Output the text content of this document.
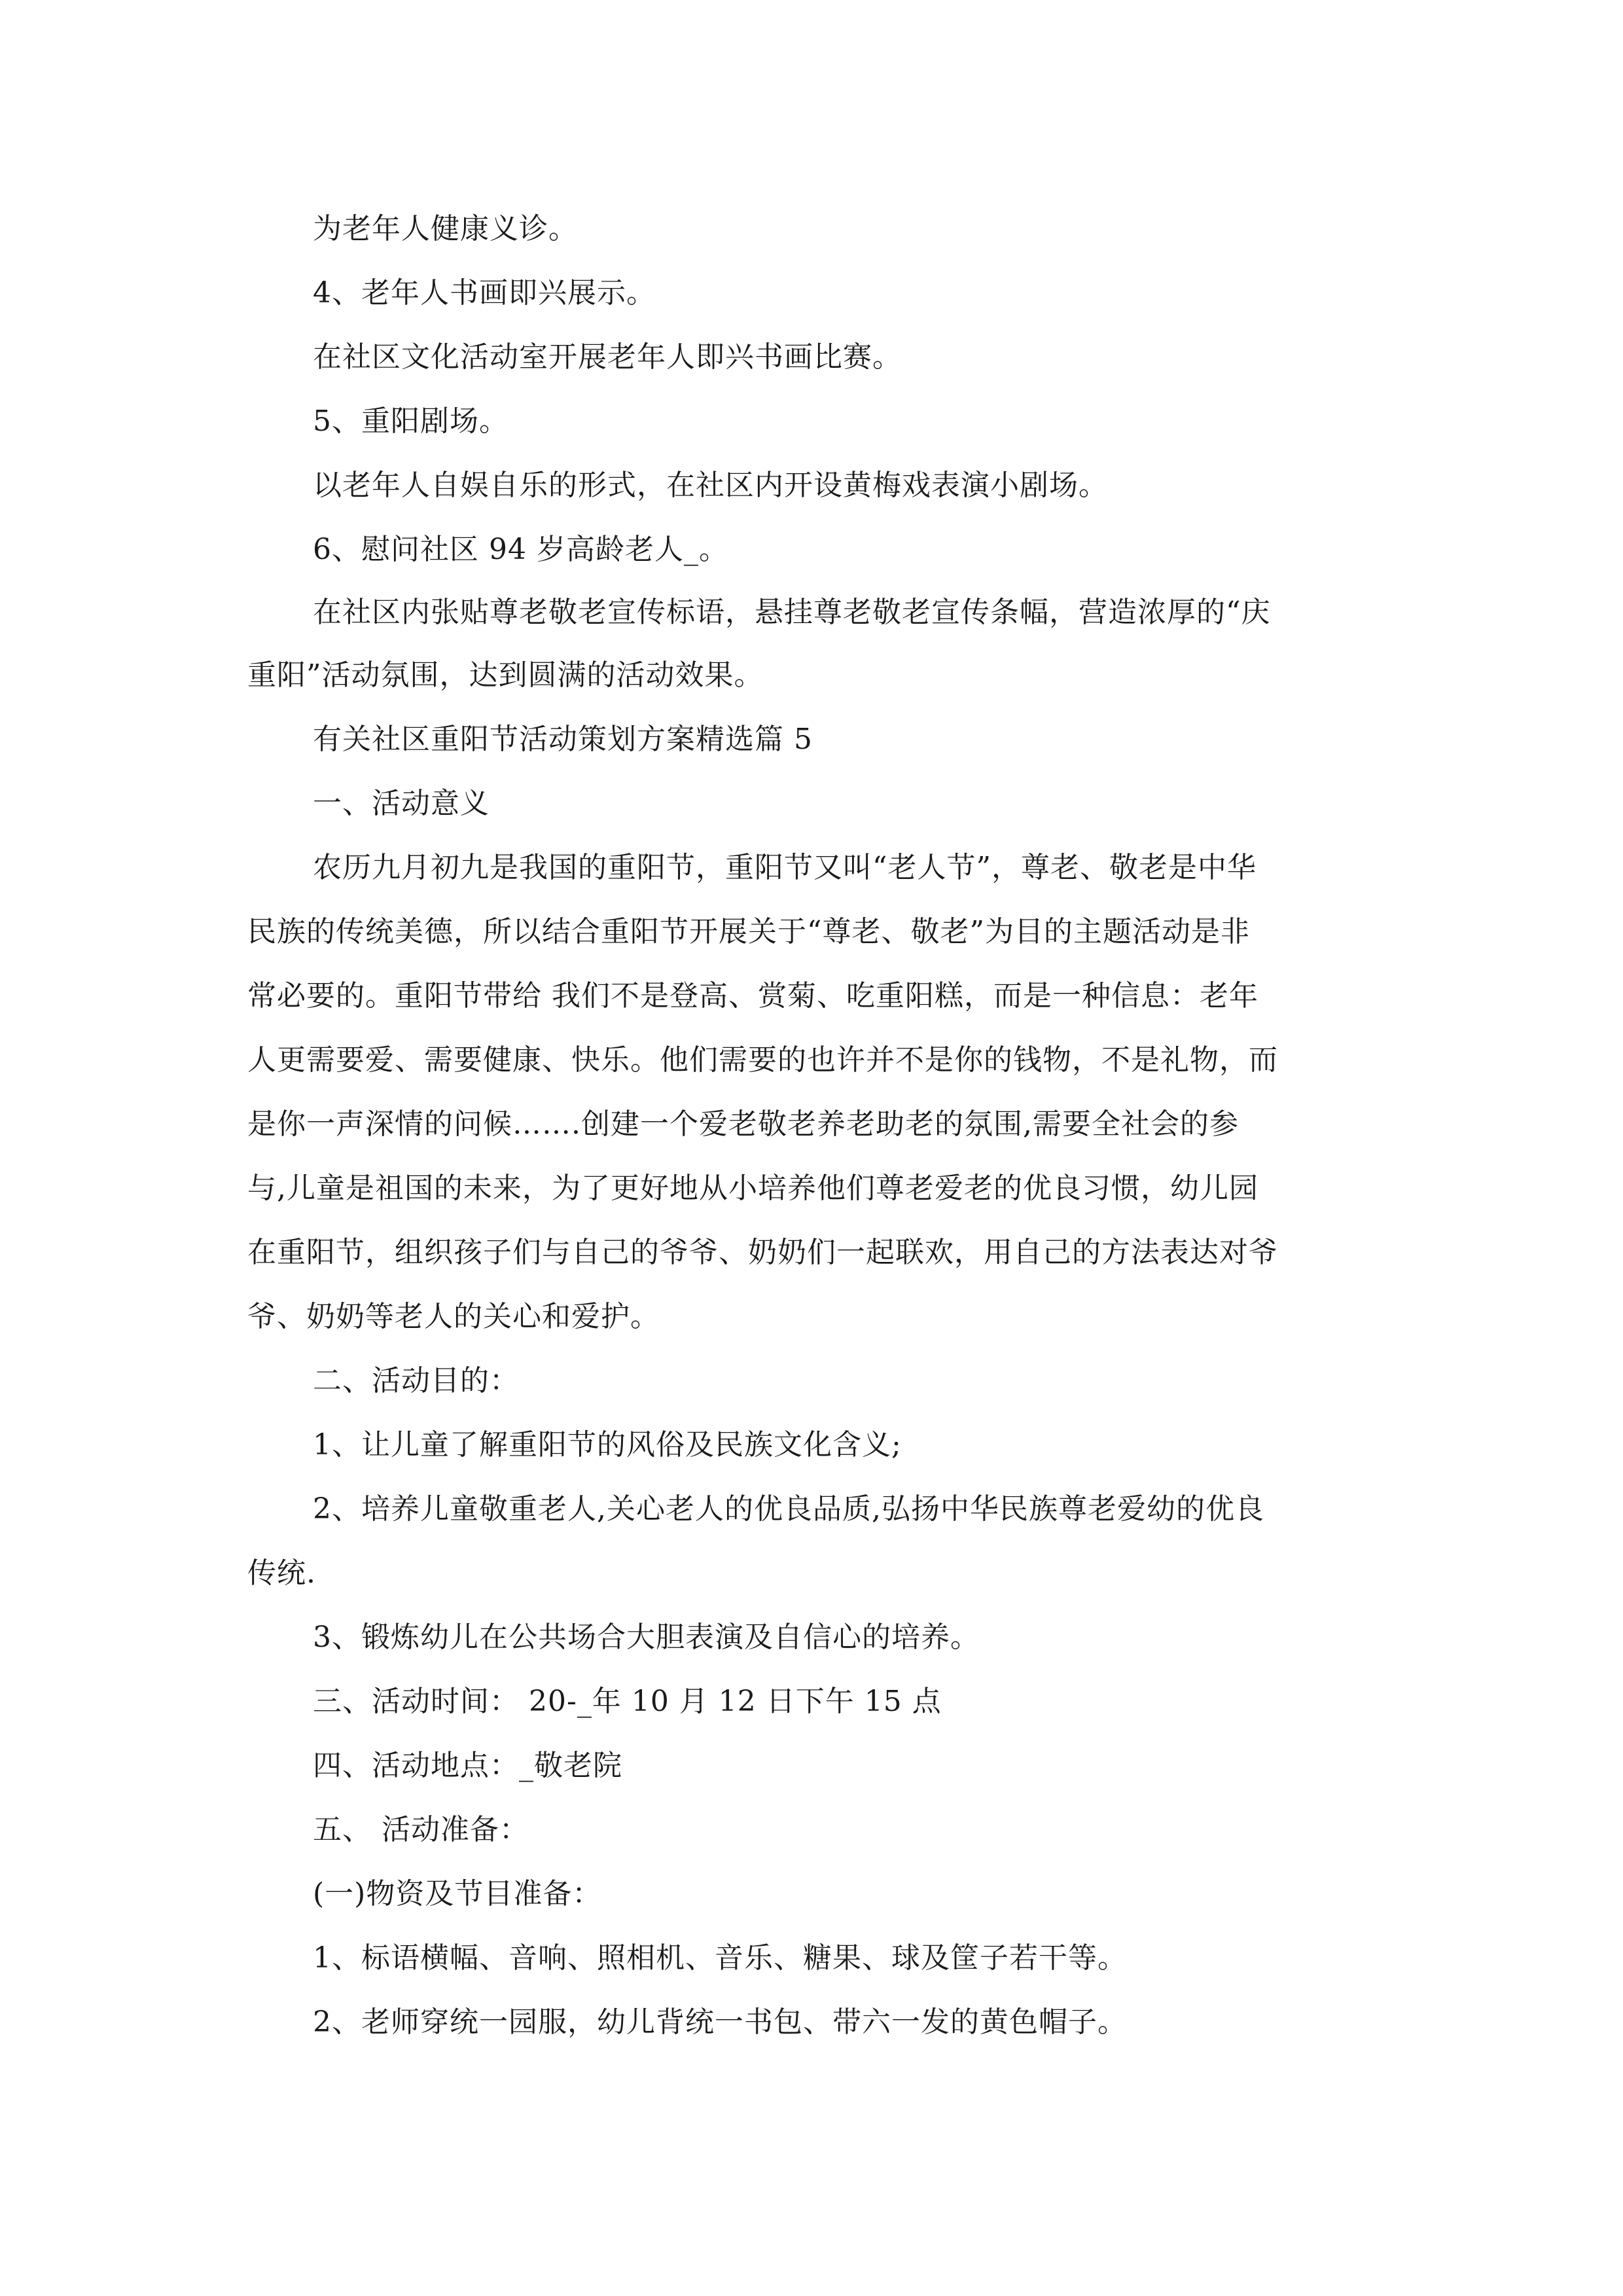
为老年人健康义诊。
4、老年人书画即兴展示。
在社区文化活动室开展老年人即兴书画比赛。
5、重阳剧场。
以老年人自娱自乐的形式，在社区内开设黄梅戏表演小剧场。
6、慰问社区 94 岁高龄老人_。
在社区内张贴尊老敬老宣传标语，悬挂尊老敬老宣传条幅，营造浓厚的“庆
重阳”活动氛围，达到圆满的活动效果。
有关社区重阳节活动策划方案精选篇 5
一、活动意义
农历九月初九是我国的重阳节，重阳节又叫“老人节”，尊老、敬老是中华
民族的传统美德，所以结合重阳节开展关于“尊老、敬老”为目的主题活动是非
常必要的。重阳节带给 我们不是登高、赏菊、吃重阳糕，而是一种信息：老年
人更需要爱、需要健康、快乐。他们需要的也许并不是你的钱物，不是礼物，而
是你一声深情的问候…….创建一个爱老敬老养老助老的氛围,需要全社会的参
与,儿童是祖国的未来，为了更好地从小培养他们尊老爱老的优良习惯，幼儿园
在重阳节，组织孩子们与自己的爷爷、奶奶们一起联欢，用自己的方法表达对爷
爷、奶奶等老人的关心和爱护。
二、活动目的：
1、让儿童了解重阳节的风俗及民族文化含义;
2、培养儿童敬重老人,关心老人的优良品质,弘扬中华民族尊老爱幼的优良
传统.
3、锻炼幼儿在公共场合大胆表演及自信心的培养。
三、活动时间： 20-_年 10 月 12 日下午 15 点
四、活动地点：_敬老院
五、 活动准备：
(一)物资及节目准备：
1、标语横幅、音响、照相机、音乐、糖果、球及筐子若干等。
2、老师穿统一园服，幼儿背统一书包、带六一发的黄色帽子。
